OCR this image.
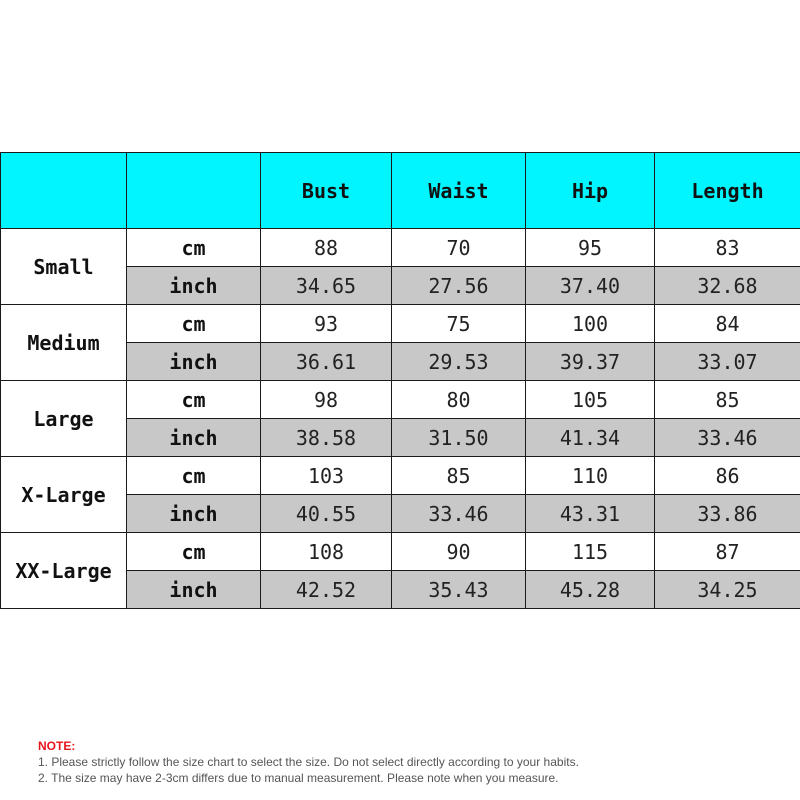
		Bust	Waist	Hip	Length
Small	cm	88	70	95	83
	inch	34.65	27.56	37.40	32.68
Medium	cm	93	75	100	84
	inch	36.61	29.53	39.37	33.07
Large	cm	98	80	105	85
	inch	38.58	31.50	41.34	33.46
X-Large	cm	103	85	110	86
	inch	40.55	33.46	43.31	33.86
XX-Large	cm	108	90	115	87
	inch	42.52	35.43	45.28	34.25
NOTE:
1. Please strictly follow the size chart to select the size. Do not select directly according to your habits.
2. The size may have 2-3cm differs due to manual measurement. Please note when you measure.
